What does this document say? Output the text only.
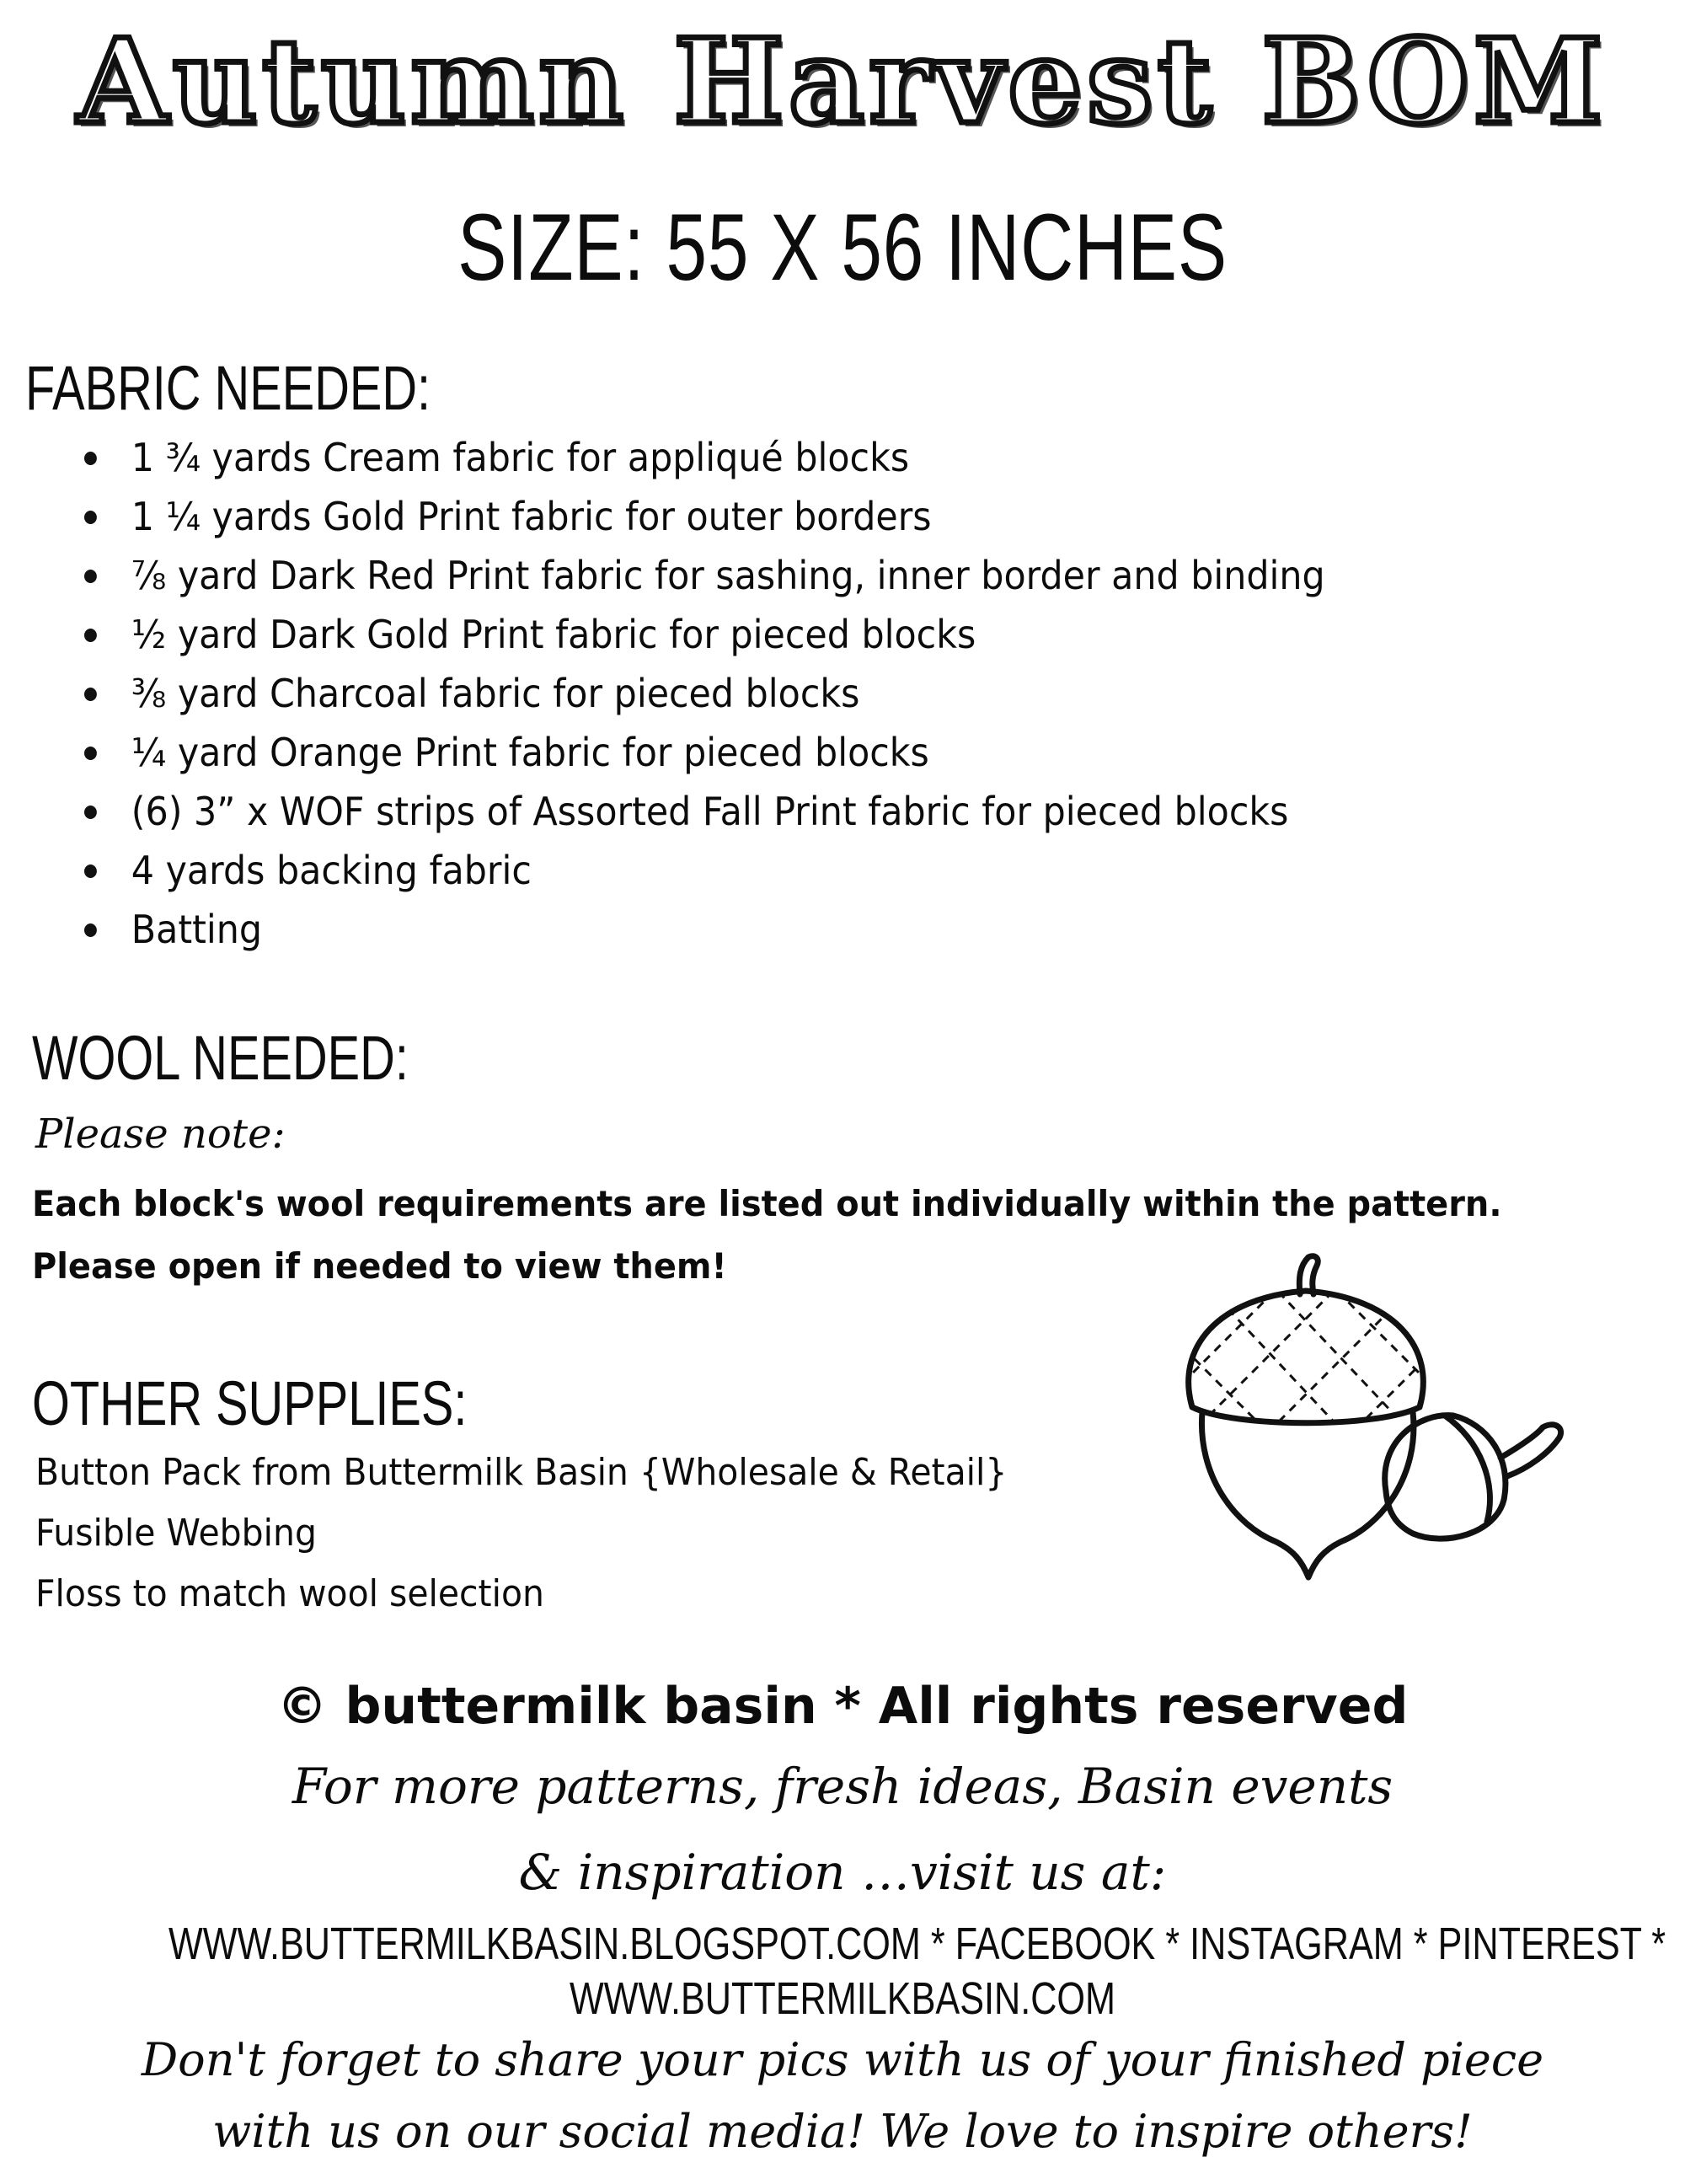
Autumn Harvest BOM
SIZE: 55 X 56 INCHES
FABRIC NEEDED:
1 ¾ yards Cream fabric for appliqué blocks
1 ¼ yards Gold Print fabric for outer borders
⅞ yard Dark Red Print fabric for sashing, inner border and binding
½ yard Dark Gold Print fabric for pieced blocks
⅜ yard Charcoal fabric for pieced blocks
¼ yard Orange Print fabric for pieced blocks
(6) 3” x WOF strips of Assorted Fall Print fabric for pieced blocks
4 yards backing fabric
Batting
WOOL NEEDED:
Please note:
Each block's wool requirements are listed out individually within the pattern.
Please open if needed to view them!
OTHER SUPPLIES:
Button Pack from Buttermilk Basin {Wholesale & Retail}
Fusible Webbing
Floss to match wool selection
© buttermilk basin * All rights reserved
For more patterns, fresh ideas, Basin events
& inspiration …visit us at:
WWW.BUTTERMILKBASIN.BLOGSPOT.COM * FACEBOOK * INSTAGRAM * PINTEREST *
WWW.BUTTERMILKBASIN.COM
Don't forget to share your pics with us of your finished piece
with us on our social media! We love to inspire others!
